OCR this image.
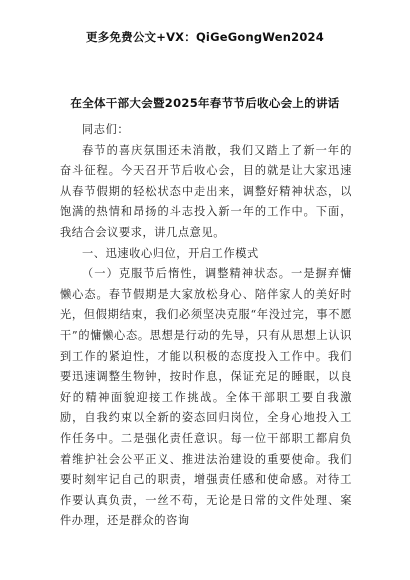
更多免费公文+VX：QiGeGongWen2024
在全体干部大会暨2025年春节节后收心会上的讲话

同志们：

春节的喜庆氛围还未消散，我们又踏上了新一年的奋斗征程。今天召开节后收心会，目的就是让大家迅速从春节假期的轻松状态中走出来，调整好精神状态，以饱满的热情和昂扬的斗志投入新一年的工作中。下面，我结合会议要求，讲几点意见。

一、迅速收心归位，开启工作模式

（一）克服节后惰性，调整精神状态。一是摒弃慵懒心态。春节假期是大家放松身心、陪伴家人的美好时光，但假期结束，我们必须坚决克服“年没过完，事不愿干”的慵懒心态。思想是行动的先导，只有从思想上认识到工作的紧迫性，才能以积极的态度投入工作中。我们要迅速调整生物钟，按时作息，保证充足的睡眠，以良好的精神面貌迎接工作挑战。全体干部职工要自我激励，自我约束以全新的姿态回归岗位，全身心地投入工作任务中。二是强化责任意识。每一位干部职工都肩负着维护社会公平正义、推进法治建设的重要使命。我们要时刻牢记自己的职责，增强责任感和使命感。对待工作要认真负责，一丝不苟，无论是日常的文件处理、案件办理，还是群众的咨询
